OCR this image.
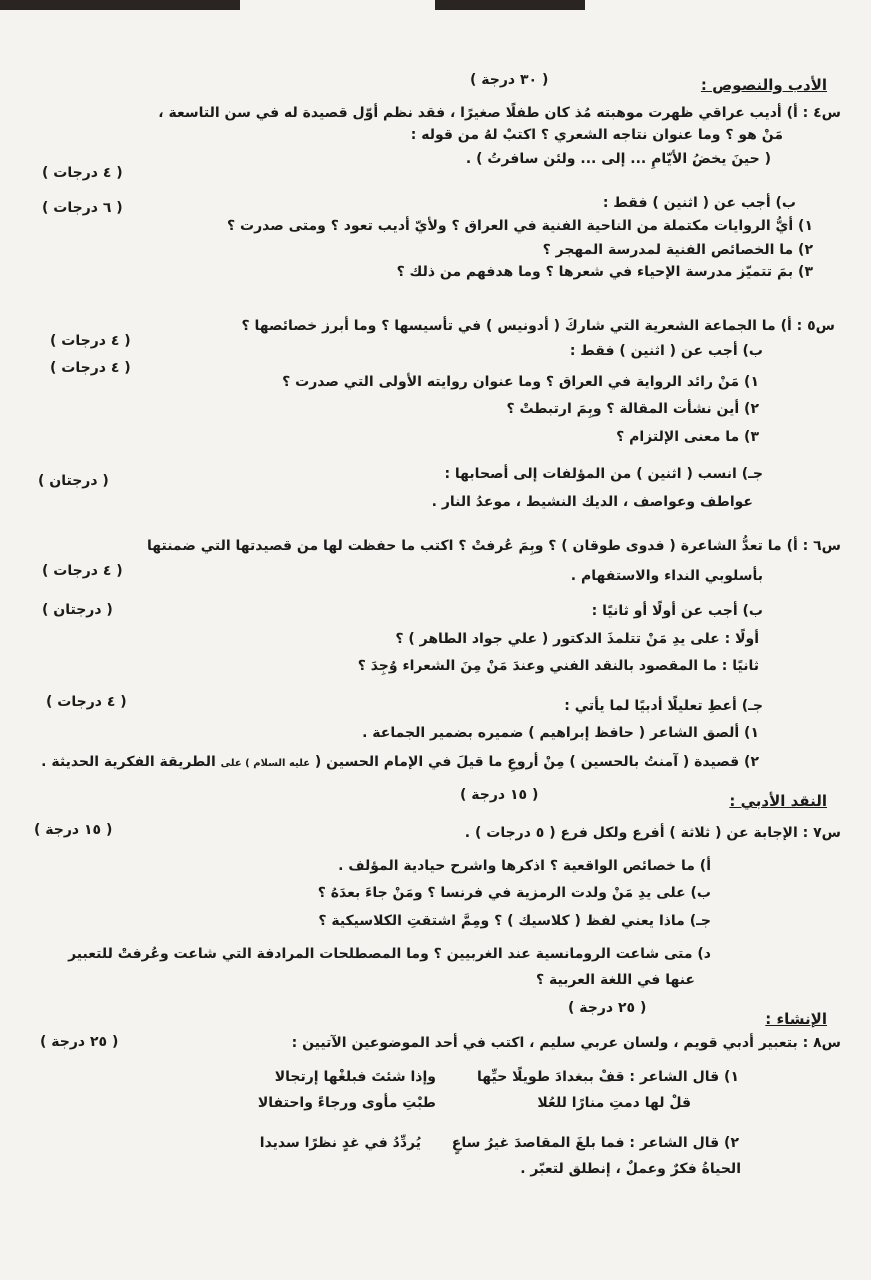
الأدب والنصوص :
( ٣٠ درجة )
س٤ : أ) أديب عراقي ظهرت موهبته مُذ كان طفلًا صغيرًا ، فقد نظم أوّل قصيدة له في سن التاسعة ،
مَنْ هو ؟ وما عنوان نتاجه الشعري ؟ اكتبْ لهُ من قوله :
( حينَ يخضُ الأيّامِ ... إلى ... ولئن سافرتُ ) .
( ٤ درجات )
ب) أجب عن ( اثنين ) فقط :
( ٦ درجات )
١) أيُّ الروايات مكتملة من الناحية الفنية في العراق ؟ ولأيّ أديب تعود ؟ ومتى صدرت ؟
٢) ما الخصائص الفنية لمدرسة المهجر ؟
٣) بمَ تتميّز مدرسة الإحياء في شعرها ؟ وما هدفهم من ذلك ؟
س٥ : أ) ما الجماعة الشعرية التي شاركَ ( أدونيس ) في تأسيسها ؟ وما أبرز خصائصها ؟
( ٤ درجات )
ب) أجب عن ( اثنين ) فقط :
( ٤ درجات )
١) مَنْ رائد الرواية في العراق ؟ وما عنوان روايته الأولى التي صدرت ؟
٢) أين نشأت المقالة ؟ وبِمَ ارتبطتْ ؟
٣) ما معنى الإلتزام ؟
جـ) انسب ( اثنين ) من المؤلفات إلى أصحابها :
( درجتان )
عواطف وعواصف ، الديك النشيط ، موعدُ النار .
س٦ : أ) ما تعدُّ الشاعرة ( فدوى طوقان ) ؟ وبِمَ عُرفتْ ؟ اكتب ما حفظت لها من قصيدتها التي ضمنتها
( ٤ درجات )	بأسلوبي النداء والاستفهام .
ب) أجب عن أولًا أو ثانيًا :
( درجتان )
أولًا : على يدِ مَنْ تتلمذَ الدكتور ( علي جواد الطاهر ) ؟
ثانيًا : ما المقصود بالنقد الفني وعندَ مَنْ مِنَ الشعراء وُجِدَ ؟
جـ) أعطِ تعليلًا أدبيًا لما يأتي :
( ٤ درجات )
١) ألصق الشاعر ( حافظ إبراهيم ) ضميره بضمير الجماعة .
٢) قصيدة ( آمنتُ بالحسين ) مِنْ أروعِ ما قيلَ في الإمام الحسين ( عليه السلام ) على الطريقة الفكرية الحديثة .
النقد الأدبي :
( ١٥ درجة )
س٧ : الإجابة عن ( ثلاثة ) أفرع ولكل فرع ( ٥ درجات ) .
( ١٥ درجة )
أ) ما خصائص الواقعية ؟ اذكرها واشرح حيادية المؤلف .
ب) على يدِ مَنْ ولدت الرمزية في فرنسا ؟ ومَنْ جاءَ بعدَهُ ؟
جـ) ماذا يعني لفظ ( كلاسيك ) ؟ ومِمَّ اشتقتِ الكلاسيكية ؟
د) متى شاعت الرومانسية عند الغربيين ؟ وما المصطلحات المرادفة التي شاعت وعُرفتْ للتعبير
عنها في اللغة العربية ؟
الإنشاء :
( ٢٥ درجة )
س٨ : بتعبير أدبي قويم ، ولسان عربي سليم ، اكتب في أحد الموضوعين الآتيين :
( ٢٥ درجة )
١) قال الشاعر : قفْ ببغدادَ طويلًا حيِّها
وإذا شئتَ فبلغْها إرتجالا
قلْ لها دمتِ منارًا للعُلا
طبْتِ مأوى ورجاءً واحتفالا
٢) قال الشاعر : فما بلغَ المقاصدَ غيرُ ساعٍ
يُردِّدُ في غدٍ نظرًا سديدا
الحياةُ فكرٌ وعملٌ ، إنطلق لتعبّر .
